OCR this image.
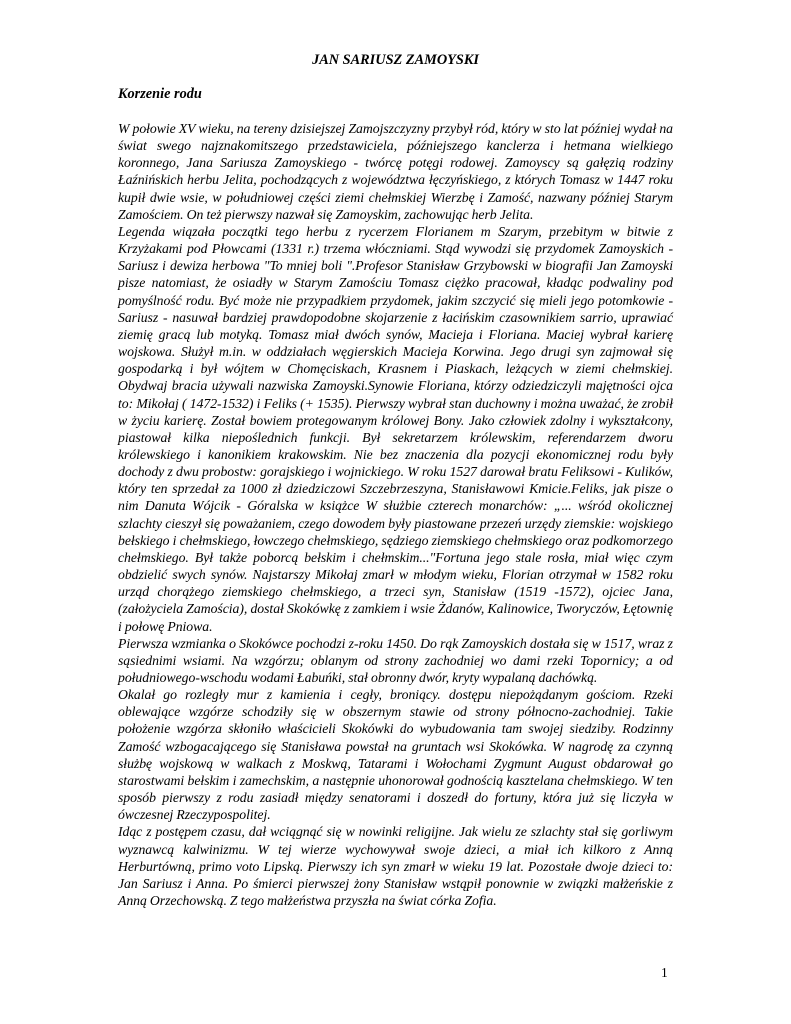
JAN SARIUSZ ZAMOYSKI
Korzenie rodu

W połowie XV wieku, na tereny dzisiejszej Zamojszczyzny przybył ród, który w sto lat później wydał na świat swego najznakomitszego przedstawiciela, późniejszego kanclerza i hetmana wielkiego koronnego, Jana Sariusza Zamoyskiego - twórcę potęgi rodowej. Zamoyscy są gałęzią rodziny Łaźnińskich herbu Jelita, pochodzących z województwa łęczyńskiego, z których Tomasz w 1447 roku kupił dwie wsie, w południowej części ziemi chełmskiej Wierzbę i Zamość, nazwany później Starym Zamościem. On też pierwszy nazwał się Zamoyskim, zachowując herb Jelita.

Legenda wiązała początki tego herbu z rycerzem Florianem m Szarym, przebitym w bitwie z Krzyżakami pod Płowcami (1331 r.) trzema włóczniami. Stąd wywodzi się przydomek Zamoyskich - Sariusz i dewiza herbowa "To mniej boli ".Profesor Stanisław Grzybowski w biografii Jan Zamoyski pisze natomiast, że osiadły w Starym Zamościu Tomasz ciężko pracował, kładąc podwaliny pod pomyślność rodu. Być może nie przypadkiem przydomek, jakim szczycić się mieli jego potomkowie - Sariusz - nasuwał bardziej prawdopodobne skojarzenie z łacińskim czasownikiem sarrio, uprawiać ziemię gracą lub motyką. Tomasz miał dwóch synów, Macieja i Floriana. Maciej wybrał karierę wojskowa. Służył m.in. w oddziałach węgierskich Macieja Korwina. Jego drugi syn zajmował się gospodarką i był wójtem w Chomęciskach, Krasnem i Piaskach, leżących w ziemi chełmskiej. Obydwaj bracia używali nazwiska Zamoyski.Synowie Floriana, którzy odziedziczyli majętności ojca to: Mikołaj ( 1472-1532) i Feliks (+ 1535). Pierwszy wybrał stan duchowny i można uważać, że zrobił w życiu karierę. Został bowiem protegowanym królowej Bony. Jako człowiek zdolny i wykształcony, piastował kilka niepoślednich funkcji. Był sekretarzem królewskim, referendarzem dworu królewskiego i kanonikiem krakowskim. Nie bez znaczenia dla pozycji ekonomicznej rodu były dochody z dwu probostw: gorajskiego i wojnickiego. W roku 1527 darował bratu Feliksowi - Kulików, który ten sprzedał za 1000 zł dziedziczowi Szczebrzeszyna, Stanisławowi Kmicie.Feliks, jak pisze o nim Danuta Wójcik - Góralska w książce W służbie czterech monarchów: „... wśród okolicznej szlachty cieszył się poważaniem, czego dowodem były piastowane przezeń urzędy ziemskie: wojskiego bełskiego i chełmskiego, łowczego chełmskiego, sędziego ziemskiego chełmskiego oraz podkomorzego chełmskiego. Był także poborcą bełskim i chełmskim..."Fortuna jego stale rosła, miał więc czym obdzielić swych synów. Najstarszy Mikołaj zmarł w młodym wieku, Florian otrzymał w 1582 roku urząd chorążego ziemskiego chełmskiego, a trzeci syn, Stanisław (1519 -1572), ojciec Jana, (założyciela Zamościa), dostał Skokówkę z zamkiem i wsie Żdanów, Kalinowice, Tworyczów, Łętownię i połowę Pniowa.

Pierwsza wzmianka o Skokówce pochodzi z-roku 1450. Do rąk Zamoyskich dostała się w 1517, wraz z sąsiednimi wsiami. Na wzgórzu; oblanym od strony zachodniej wo dami rzeki Topornicy; a od południowego-wschodu wodami Łabuńki, stał obronny dwór, kryty wypalaną dachówką.

Okalał go rozległy mur z kamienia i cegły, broniący. dostępu niepożądanym gościom. Rzeki oblewające wzgórze schodziły się w obszernym stawie od strony północno-zachodniej. Takie położenie wzgórza skłoniło właścicieli Skokówki do wybudowania tam swojej siedziby. Rodzinny Zamość wzbogacającego się Stanisława powstał na gruntach wsi Skokówka. W nagrodę za czynną służbę wojskową w walkach z Moskwą, Tatarami i Wołochami Zygmunt August obdarował go starostwami bełskim i zamechskim, a następnie uhonorował godnością kasztelana chełmskiego. W ten sposób pierwszy z rodu zasiadł między senatorami i doszedł do fortuny, która już się liczyła w ówczesnej Rzeczypospolitej.

Idąc z postępem czasu, dał wciągnąć się w nowinki religijne. Jak wielu ze szlachty stał się gorliwym wyznawcą kalwinizmu. W tej wierze wychowywał swoje dzieci, a miał ich kilkoro z Anną Herburtówną, primo voto Lipską. Pierwszy ich syn zmarł w wieku 19 lat. Pozostałe dwoje dzieci to: Jan Sariusz i Anna. Po śmierci pierwszej żony Stanisław wstąpił ponownie w związki małżeńskie z Anną Orzechowską. Z tego małżeństwa przyszła na świat córka Zofia.

1
